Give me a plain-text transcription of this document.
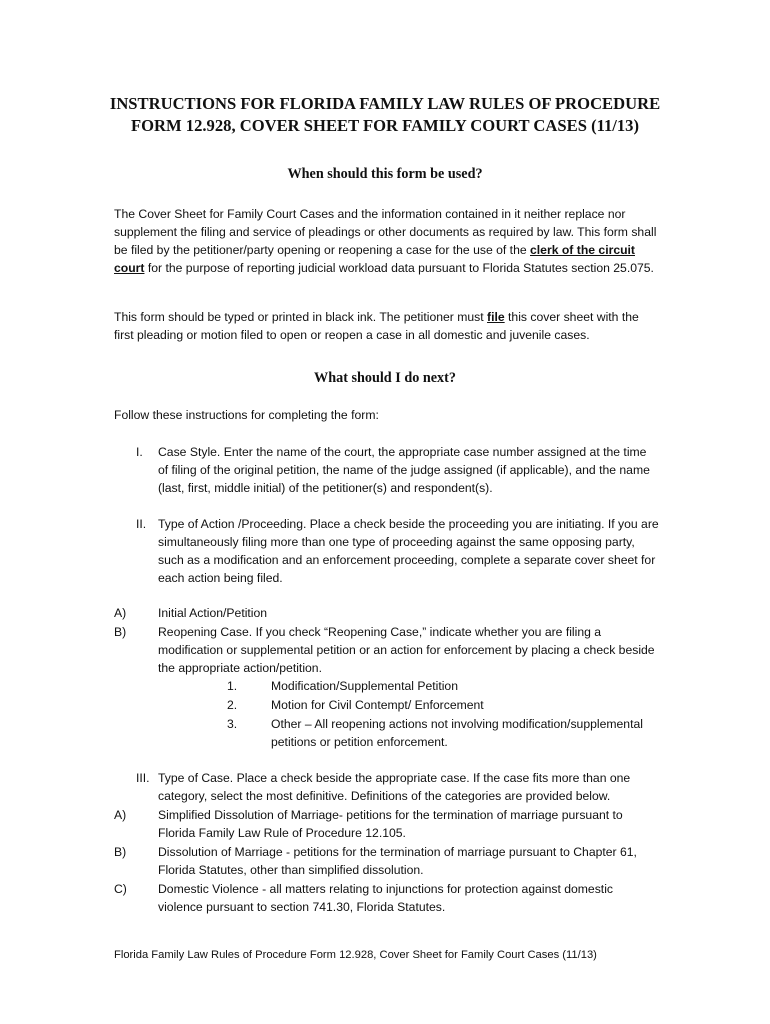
INSTRUCTIONS FOR FLORIDA FAMILY LAW RULES OF PROCEDURE
FORM 12.928, COVER SHEET FOR FAMILY COURT CASES (11/13)
When should this form be used?

The Cover Sheet for Family Court Cases and the information contained in it neither replace nor supplement the filing and service of pleadings or other documents as required by law. This form shall be filed by the petitioner/party opening or reopening a case for the use of the clerk of the circuit court for the purpose of reporting judicial workload data pursuant to Florida Statutes section 25.075.

This form should be typed or printed in black ink. The petitioner must file this cover sheet with the first pleading or motion filed to open or reopen a case in all domestic and juvenile cases.

What should I do next?

Follow these instructions for completing the form:

I.	Case Style. Enter the name of the court, the appropriate case number assigned at the time of filing of the original petition, the name of the judge assigned (if applicable), and the name (last, first, middle initial) of the petitioner(s) and respondent(s).
II. Type of Action /Proceeding. Place a check beside the proceeding you are initiating. If you are simultaneously filing more than one type of proceeding against the same opposing party, such as a modification and an enforcement proceeding, complete a separate cover sheet for each action being filed.
A)	Initial Action/Petition
B)	Reopening Case. If you check “Reopening Case,” indicate whether you are filing a modification or supplemental petition or an action for enforcement by placing a check beside the appropriate action/petition.
1.	Modification/Supplemental Petition
2.	Motion for Civil Contempt/ Enforcement
3.	Other – All reopening actions not involving modification/supplemental petitions or petition enforcement.
III. Type of Case. Place a check beside the appropriate case. If the case fits more than one category, select the most definitive. Definitions of the categories are provided below.
A)	Simplified Dissolution of Marriage- petitions for the termination of marriage pursuant to Florida Family Law Rule of Procedure 12.105.
B)	Dissolution of Marriage - petitions for the termination of marriage pursuant to Chapter 61, Florida Statutes, other than simplified dissolution.
C)	Domestic Violence - all matters relating to injunctions for protection against domestic violence pursuant to section 741.30, Florida Statutes.
Florida Family Law Rules of Procedure Form 12.928, Cover Sheet for Family Court Cases (11/13)
